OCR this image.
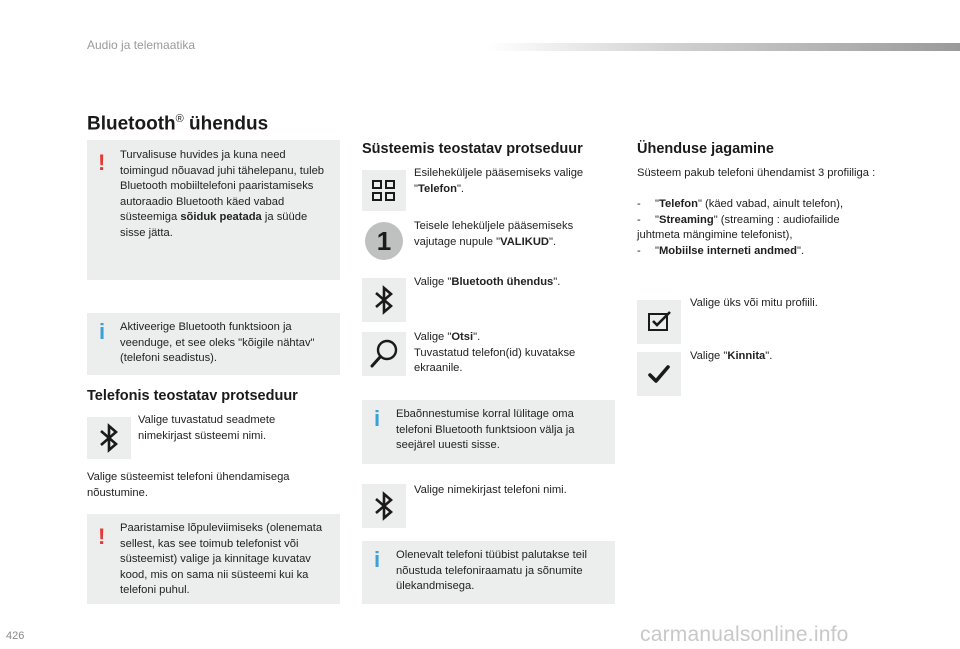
Audio ja telemaatika
Bluetooth® ühendus
! Turvalisuse huvides ja kuna need toimingud nõuavad juhi tähelepanu, tuleb Bluetooth mobiiltelefoni paaristamiseks autoraadio Bluetooth käed vabad süsteemiga sõiduk peatada ja süüde sisse jätta.
i Aktiveerige Bluetooth funktsioon ja veenduge, et see oleks "kõigile nähtav" (telefoni seadistus).
Telefonis teostatav protseduur
Valige tuvastatud seadmete nimekirjast süsteemi nimi.
Valige süsteemist telefoni ühendamisega nõustumine.
! Paaristamise lõpuleviimiseks (olenemata sellest, kas see toimub telefonist või süsteemist) valige ja kinnitage kuvatav kood, mis on sama nii süsteemi kui ka telefoni puhul.
Süsteemis teostatav protseduur
Esileheküljele pääsemiseks valige "Telefon".
1	Teisele leheküljele pääsemiseks vajutage nupule "VALIKUD".
Valige "Bluetooth ühendus".
Valige "Otsi".
Tuvastatud telefon(id) kuvatakse ekraanile.
i Ebaõnnestumise korral lülitage oma telefoni Bluetooth funktsioon välja ja seejärel uuesti sisse.
Valige nimekirjast telefoni nimi.
i Olenevalt telefoni tüübist palutakse teil nõustuda telefoniraamatu ja sõnumite ülekandmisega.
Ühenduse jagamine
Süsteem pakub telefoni ühendamist 3 profiiliga :
- "Telefon" (käed vabad, ainult telefon),
- "Streaming" (streaming : audiofailide
juhtmeta mängimine telefonist),
- "Mobiilse interneti andmed".
Valige üks või mitu profiili.
Valige "Kinnita".
426	carmanualsonline.info
